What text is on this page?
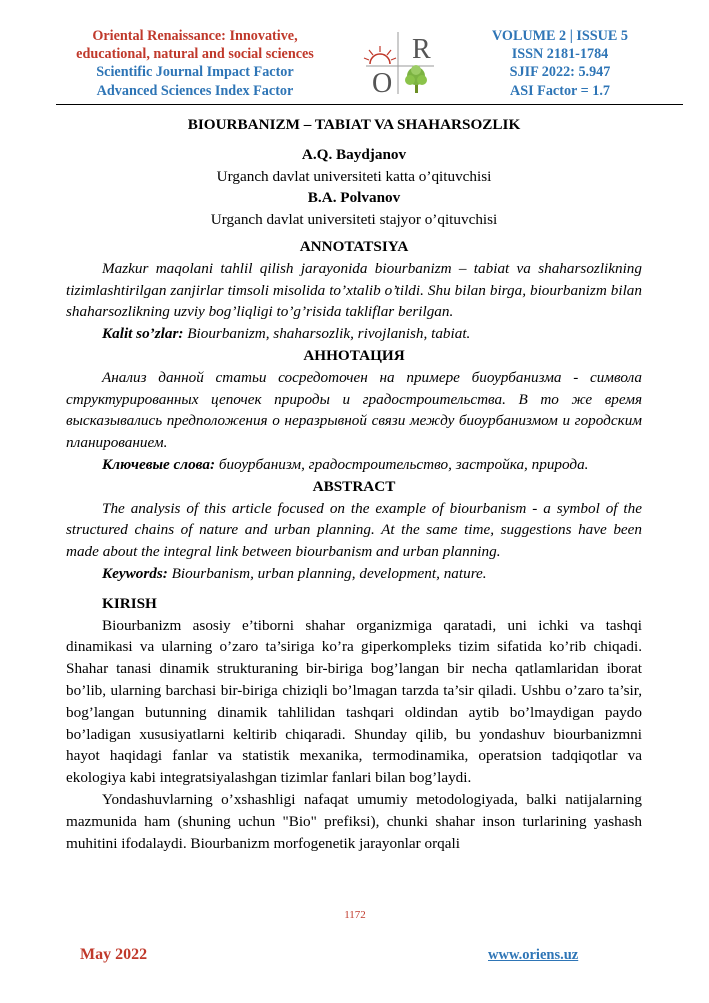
Oriental Renaissance: Innovative,
educational, natural and social sciences
Scientific Journal Impact Factor
Advanced Sciences Index Factor
R
O
VOLUME 2 | ISSUE 5
ISSN 2181-1784
SJIF 2022: 5.947
ASI Factor = 1.7

BIOURBANIZM – TABIAT VA SHAHARSOZLIK

A.Q. Baydjanov

Urganch davlat universiteti katta o’qituvchisi

B.A. Polvanov

Urganch davlat universiteti stajyor o’qituvchisi

ANNOTATSIYA

Mazkur maqolani tahlil qilish jarayonida biourbanizm – tabiat va shaharsozlikning tizimlashtirilgan zanjirlar timsoli misolida to’xtalib o’tildi. Shu bilan birga, biourbanizm bilan shaharsozlikning uzviy bog’liqligi to’g’risida takliflar berilgan.

Kalit so’zlar: Biourbanizm, shaharsozlik, rivojlanish, tabiat.

АННОТАЦИЯ

Анализ данной статьи сосредоточен на примере биоурбанизма - символа структурированных цепочек природы и градостроительства. В то же время высказывались предположения о неразрывной связи между биоурбанизмом и городским планированием.

Ключевые слова: биоурбанизм, градостроительство, застройка, природа.

ABSTRACT

The analysis of this article focused on the example of biourbanism - a symbol of the structured chains of nature and urban planning. At the same time, suggestions have been made about the integral link between biourbanism and urban planning.

Keywords: Biourbanism, urban planning, development, nature.

KIRISH

Biourbanizm asosiy e’tiborni shahar organizmiga qaratadi, uni ichki va tashqi dinamikasi va ularning o’zaro ta’siriga ko’ra giperkompleks tizim sifatida ko’rib chiqadi. Shahar tanasi dinamik strukturaning bir-biriga bog’langan bir necha qatlamlaridan iborat bo’lib, ularning barchasi bir-biriga chiziqli bo’lmagan tarzda ta’sir qiladi. Ushbu o’zaro ta’sir, bog’langan butunning dinamik tahlilidan tashqari oldindan aytib bo’lmaydigan paydo bo’ladigan xususiyatlarni keltirib chiqaradi. Shunday qilib, bu yondashuv biourbanizmni hayot haqidagi fanlar va statistik mexanika, termodinamika, operatsion tadqiqotlar va ekologiya kabi integratsiyalashgan tizimlar fanlari bilan bog’laydi.

Yondashuvlarning o’xshashligi nafaqat umumiy metodologiyada, balki natijalarning mazmunida ham (shuning uchun "Bio" prefiksi), chunki shahar inson turlarining yashash muhitini ifodalaydi. Biourbanizm morfogenetik jarayonlar orqali

1172
May 2022	www.oriens.uz
